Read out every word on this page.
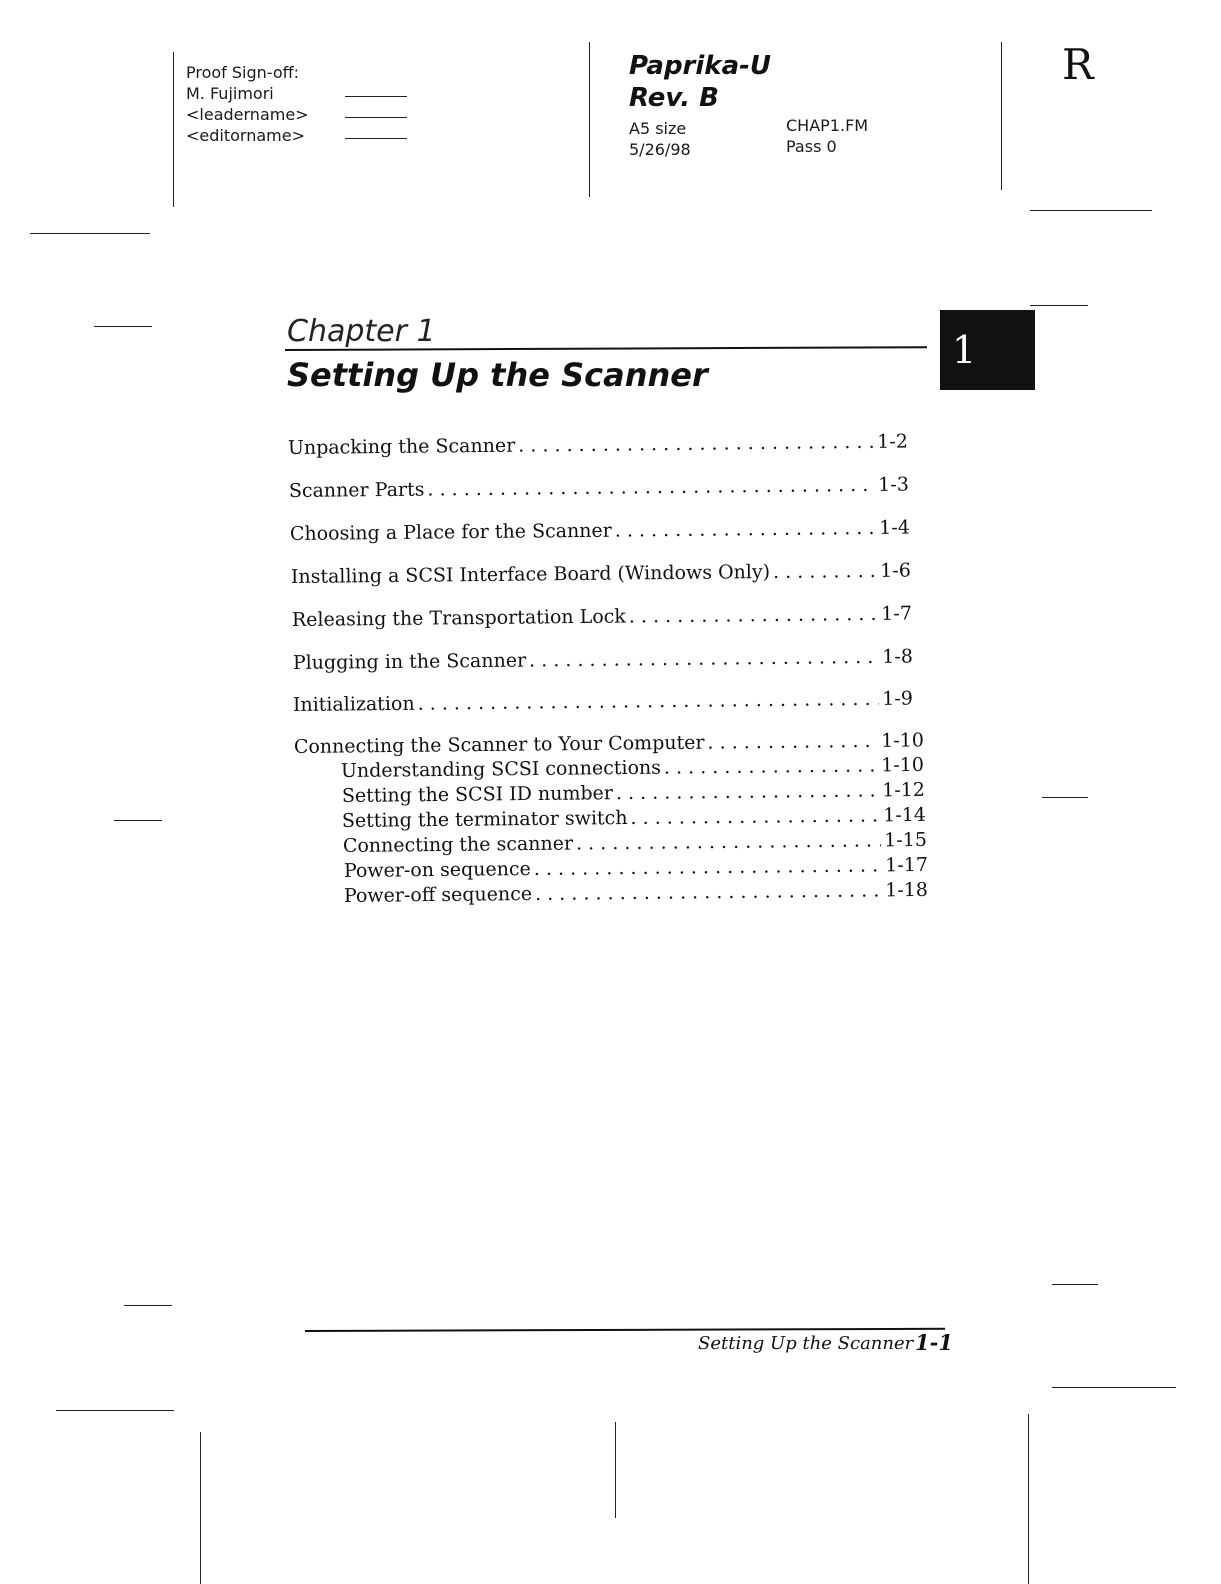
Proof Sign-off:
M. Fujimori
<leadername>
<editorname>
Paprika-U
Rev. B
A5 size
5/26/98
CHAP1.FM
Pass 0
R
Chapter 1
Setting Up the Scanner
1
Unpacking the Scanner . . .	1-2
Scanner Parts . . .	1-3
Choosing a Place for the Scanner . . .	1-4
Installing a SCSI Interface Board (Windows Only) . . .	1-6
Releasing the Transportation Lock . . .	1-7
Plugging in the Scanner . . .	1-8
Initialization . . .	1-9
Connecting the Scanner to Your Computer . . .	1-10
Understanding SCSI connections . . .	1-10
Setting the SCSI ID number . . .	1-12
Setting the terminator switch . . .	1-14
Connecting the scanner . . .	1-15
Power-on sequence . . .	1-17
Power-off sequence . . .	1-18
Setting Up the Scanner 1-1
